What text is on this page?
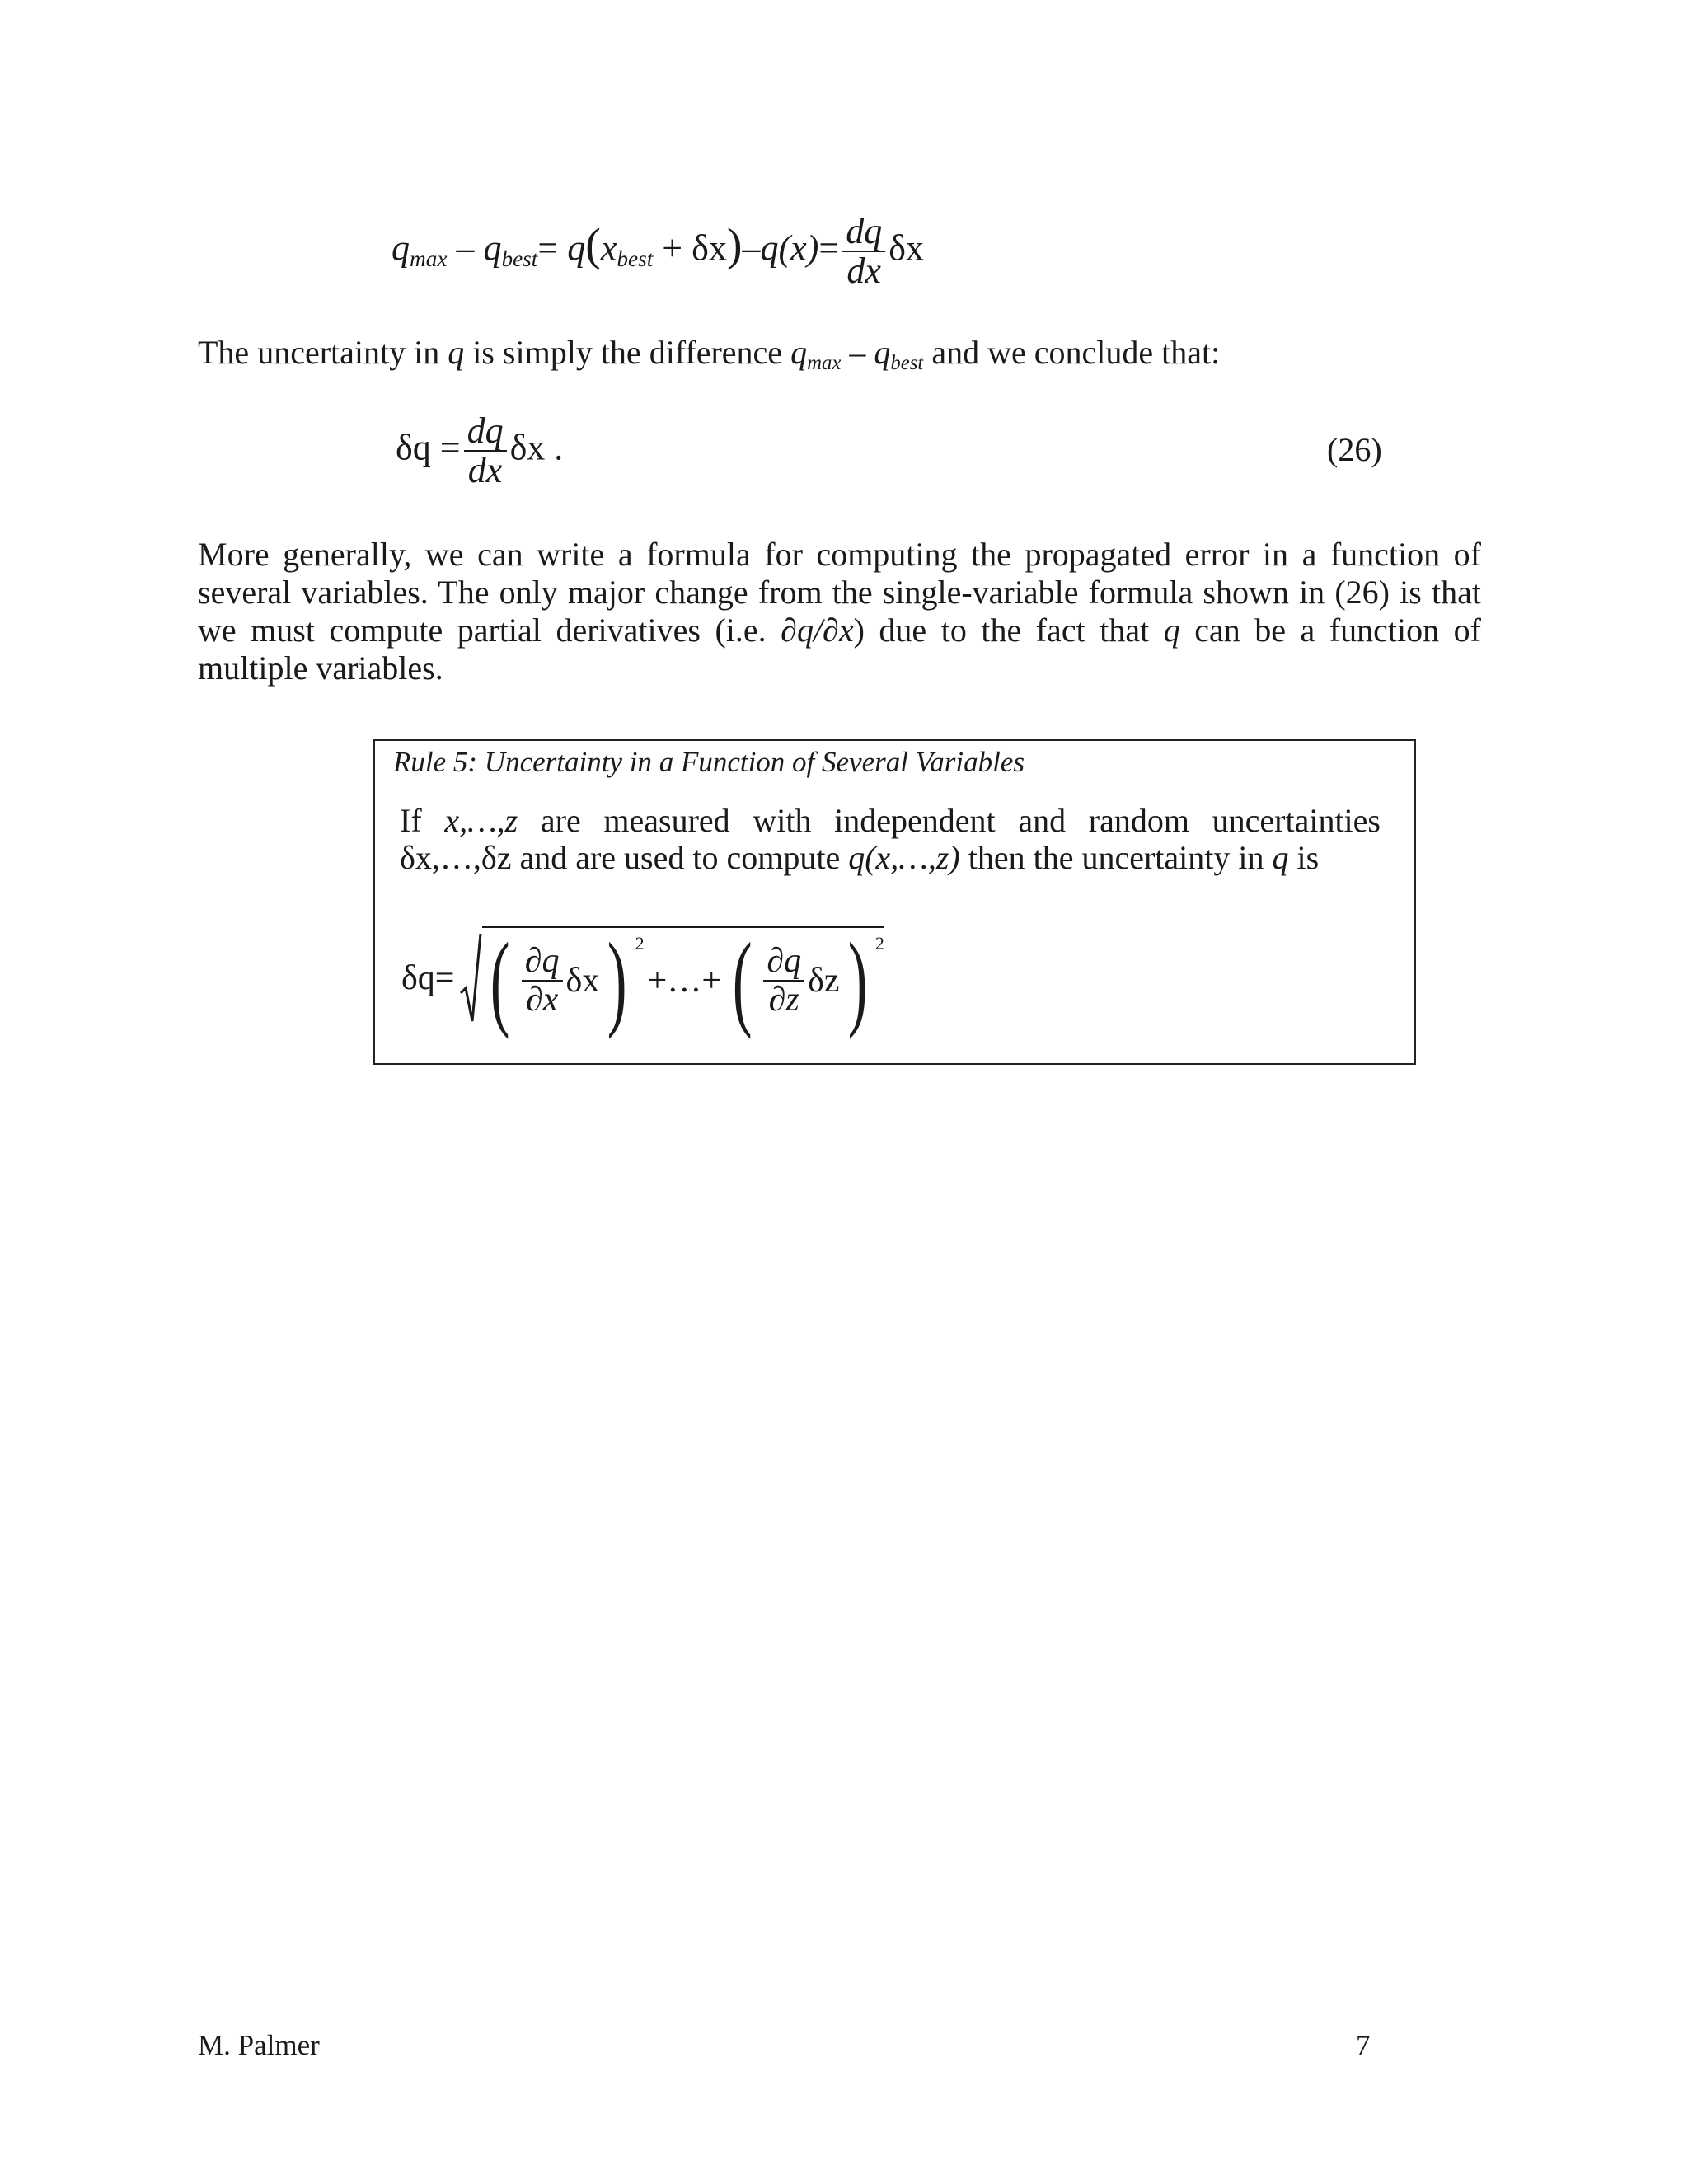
$q_{max} - q_{best}= q(x_{best} + \delta x)-q(x)= \frac{dq}{dx}$ δx
The uncertainty in q is simply the difference $q_{max} - q_{best}$ and we conclude that:
$\delta q = \frac{dq}{dx}$ δx .	(26)
More generally, we can write a formula for computing the propagated error in a function of
several variables. The only major change from the single-variable formula shown in (26) is that
we must compute partial derivatives (i.e. ∂q/∂x) due to the fact that q can be a function of
multiple variables.
Rule 5: Uncertainty in a Function of Several Variables
If x,…,z are measured with independent and random uncertainties
δx,…,δz and are used to compute q(x,…,z) then the uncertainty in q is
δq = ( $\frac{\partial q}{\partial x}$ δx ) 2
+…+ ( $\frac{\partial q}{\partial z}$ δz ) 2
M. Palmer	7
